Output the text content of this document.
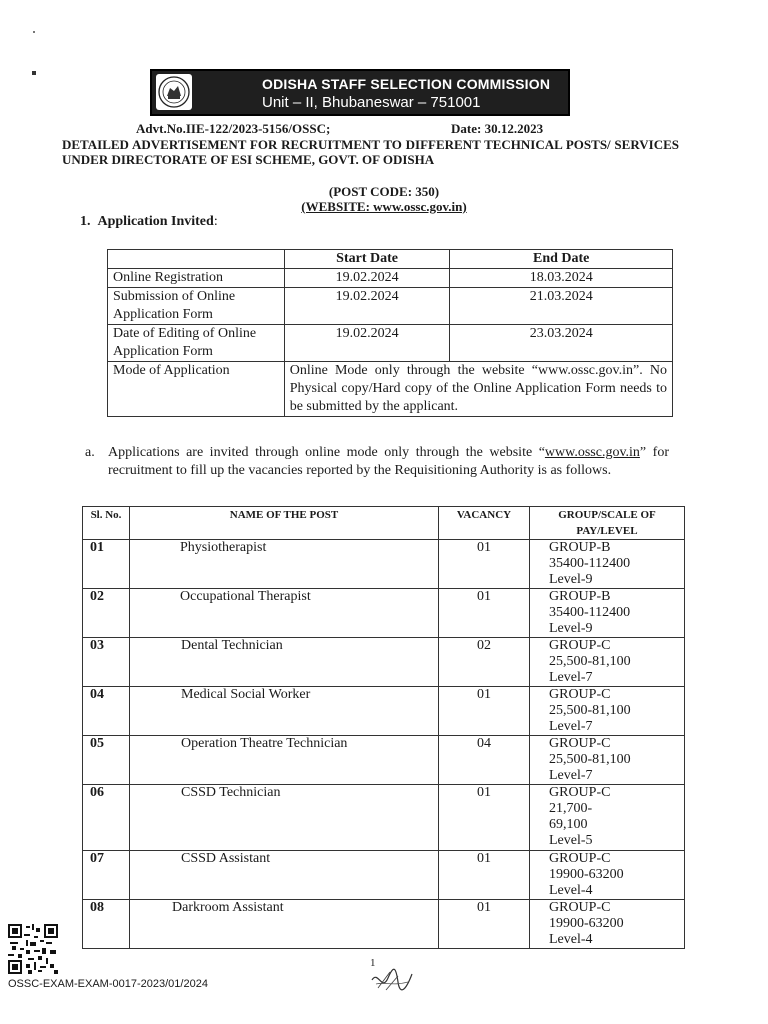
ODISHA STAFF SELECTION COMMISSION
Unit – II, Bhubaneswar – 751001
Advt.No.IIE-122/2023-5156/OSSC;	Date: 30.12.2023
DETAILED ADVERTISEMENT FOR RECRUITMENT TO DIFFERENT TECHNICAL POSTS/ SERVICES UNDER DIRECTORATE OF ESI SCHEME, GOVT. OF ODISHA
(POST CODE: 350)
(WEBSITE: www.ossc.gov.in)
1. Application Invited:
	Start Date	End Date
Online Registration	19.02.2024	18.03.2024
Submission of Online Application Form	19.02.2024	21.03.2024
Date of Editing of Online Application Form	19.02.2024	23.03.2024
Mode of Application	Online Mode only through the website “www.ossc.gov.in”. No Physical copy/Hard copy of the Online Application Form needs to be submitted by the applicant.	
a. Applications are invited through online mode only through the website “www.ossc.gov.in” for recruitment to fill up the vacancies reported by the Requisitioning Authority is as follows.
Sl. No.	NAME OF THE POST	VACANCY	GROUP/SCALE OF PAY/LEVEL
01	Physiotherapist	01	GROUP-B
35400-112400
Level-9

02	Occupational Therapist	01	GROUP-B
35400-112400
Level-9

03	Dental Technician	02	GROUP-C
25,500-81,100
Level-7

04	Medical Social Worker	01	GROUP-C
25,500-81,100
Level-7

05	Operation Theatre Technician	04	GROUP-C
25,500-81,100
Level-7

06	CSSD Technician	01	GROUP-C
21,700-
69,100
Level-5

07	CSSD Assistant	01	GROUP-C
19900-63200
Level-4

08	Darkroom Assistant	01	GROUP-C
19900-63200
Level-4
OSSC-EXAM-EXAM-0017-2023/01/2024
1
